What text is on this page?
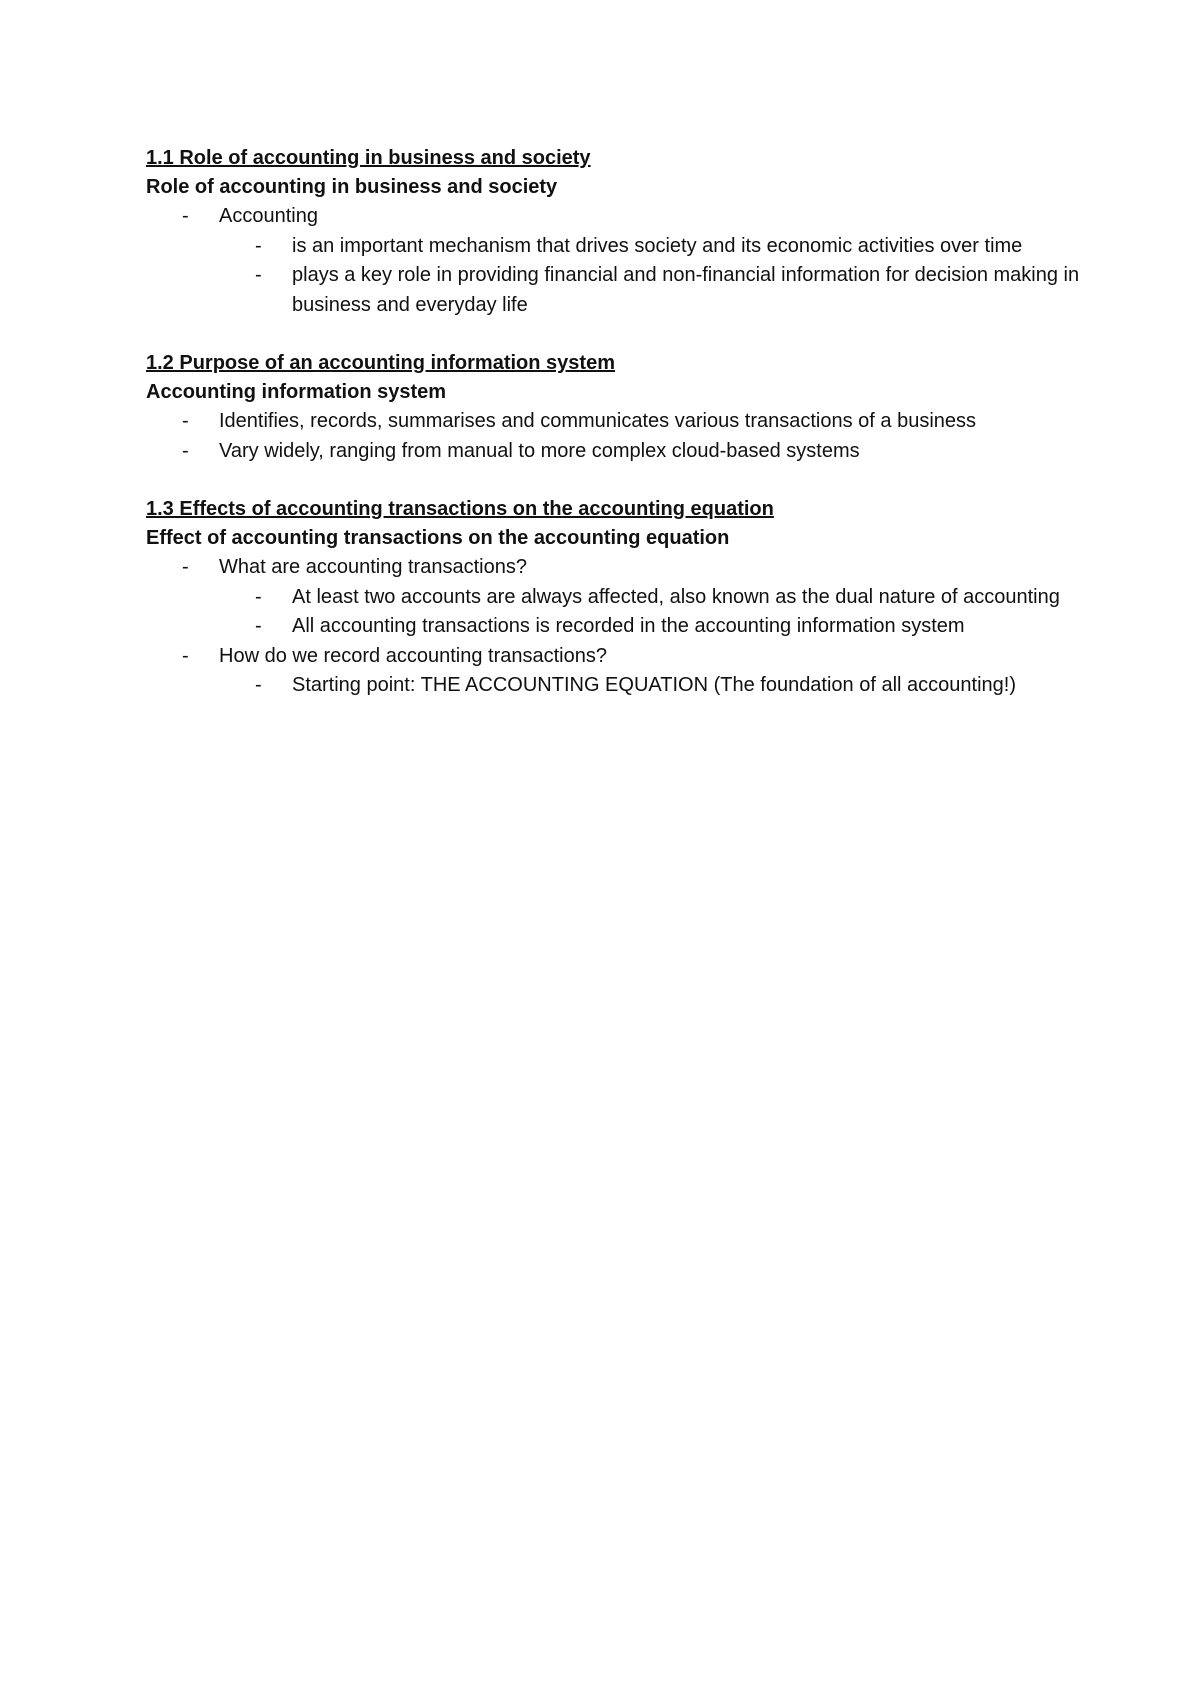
1.1 Role of accounting in business and society

Role of accounting in business and society

- Accounting
- is an important mechanism that drives society and its economic activities over time
- plays a key role in providing financial and non-financial information for decision making in business and everyday life

1.2 Purpose of an accounting information system

Accounting information system

- Identifies, records, summarises and communicates various transactions of a business
- Vary widely, ranging from manual to more complex cloud-based systems

1.3 Effects of accounting transactions on the accounting equation

Effect of accounting transactions on the accounting equation

- What are accounting transactions?
- At least two accounts are always affected, also known as the dual nature of accounting
- All accounting transactions is recorded in the accounting information system
- How do we record accounting transactions?
- Starting point: THE ACCOUNTING EQUATION (The foundation of all accounting!)
